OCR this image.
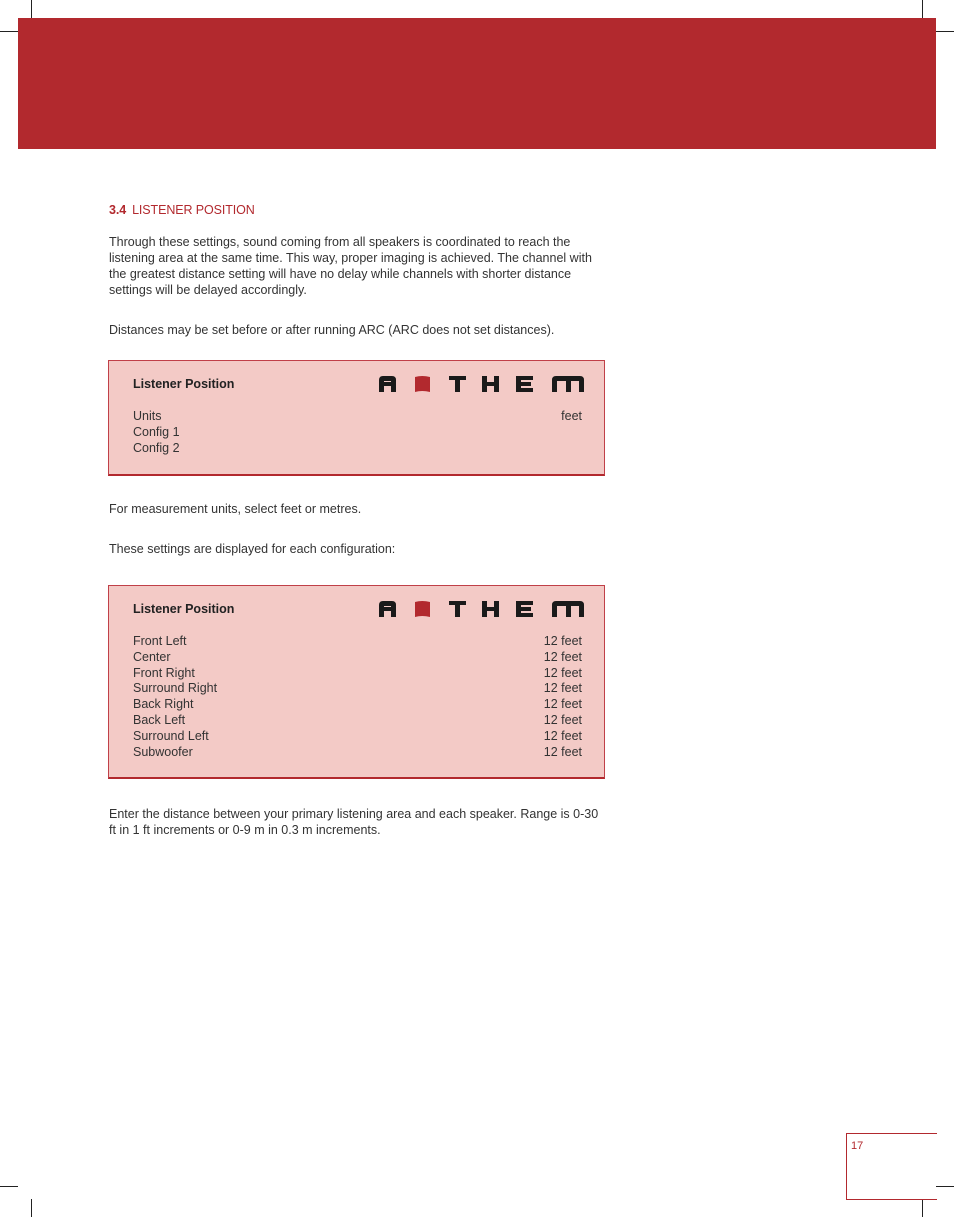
3.4 LISTENER POSITION
Through these settings, sound coming from all speakers is coordinated to reach the listening area at the same time. This way, proper imaging is achieved. The channel with the greatest distance setting will have no delay while channels with shorter distance settings will be delayed accordingly.
Distances may be set before or after running ARC (ARC does not set distances).
Listener Position
Units	feet
Config 1
Config 2
For measurement units, select feet or metres.
These settings are displayed for each configuration:
Listener Position
Front Left	12 feet
Center	12 feet
Front Right	12 feet
Surround Right	12 feet
Back Right	12 feet
Back Left	12 feet
Surround Left	12 feet
Subwoofer	12 feet
Enter the distance between your primary listening area and each speaker. Range is 0-30 ft in 1 ft increments or 0-9 m in 0.3 m increments.
17
